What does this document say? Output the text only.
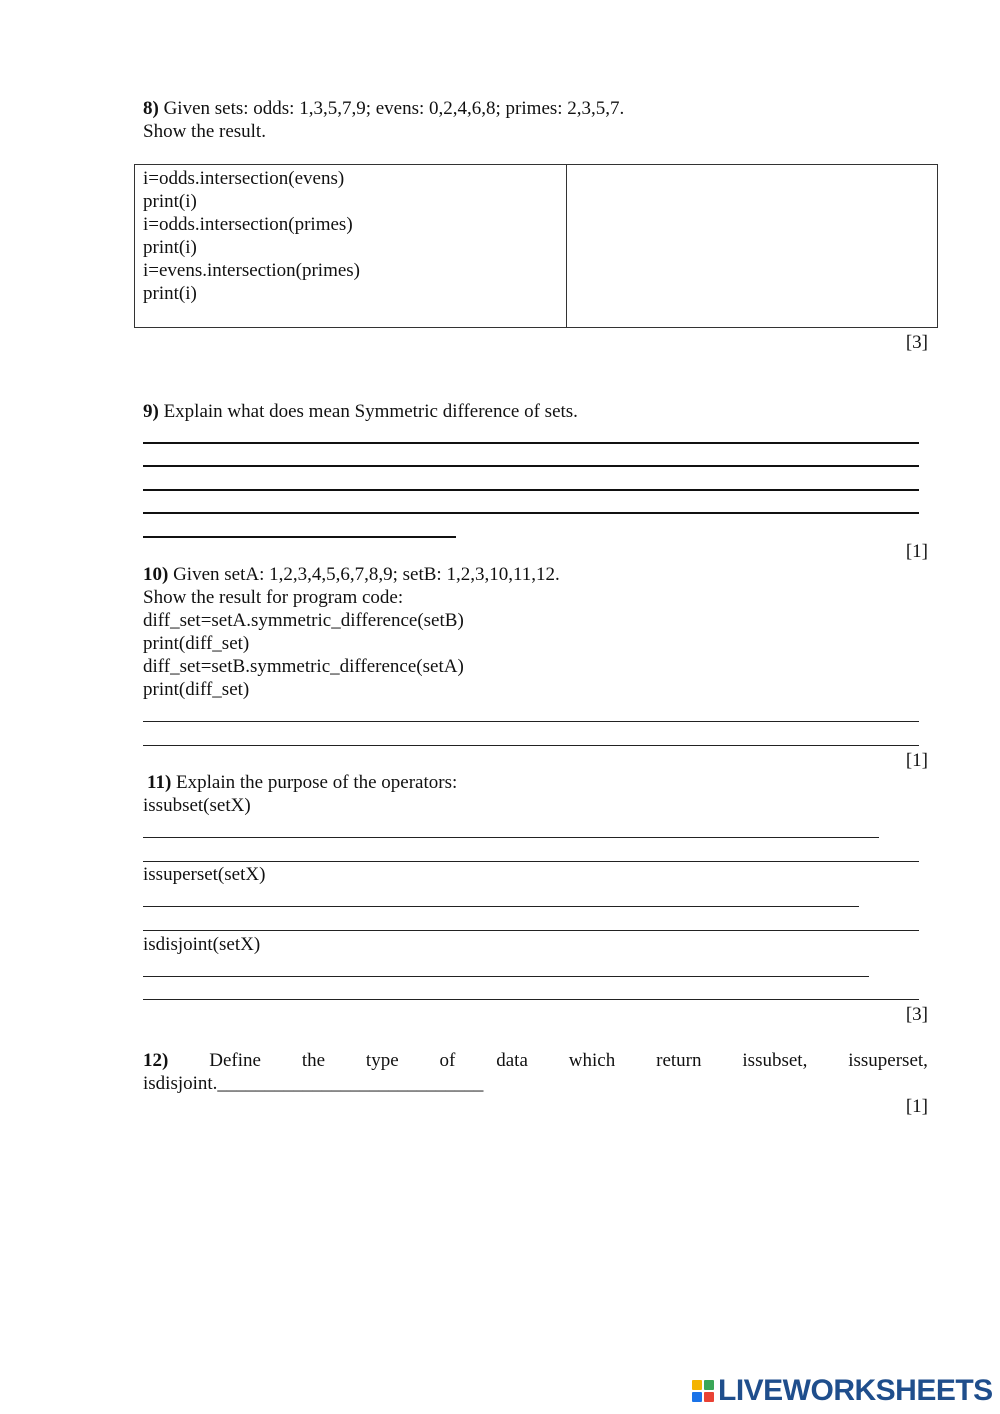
8) Given sets: odds: 1,3,5,7,9; evens: 0,2,4,6,8; primes: 2,3,5,7.
Show the result.
i=odds.intersection(evens)
print(i)
i=odds.intersection(primes)
print(i)
i=evens.intersection(primes)
print(i)

[3]
9) Explain what does mean Symmetric difference of sets.
[1]
10) Given setA: 1,2,3,4,5,6,7,8,9; setB: 1,2,3,10,11,12.
Show the result for program code:
diff_set=setA.symmetric_difference(setB)
print(diff_set)
diff_set=setB.symmetric_difference(setA)
print(diff_set)
[1]
11) Explain the purpose of the operators:
issubset(setX)
issuperset(setX)
isdisjoint(setX)
[3]
12) Define the type of data which return issubset, issuperset,
isdisjoint.____________________________
[1]
LIVEWORKSHEETS
